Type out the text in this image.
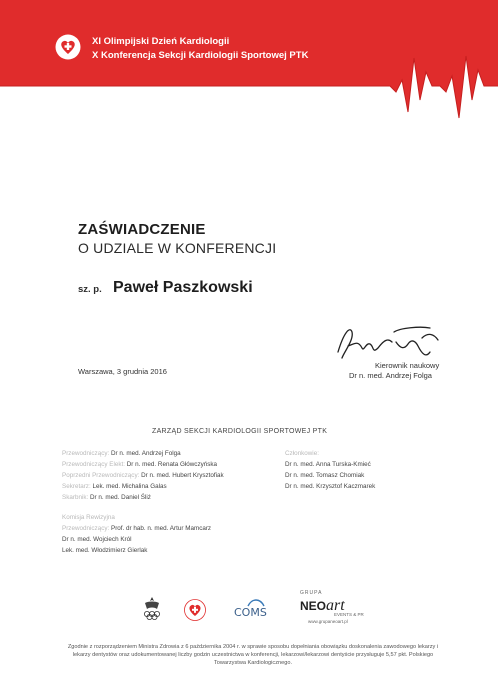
XI Olimpijski Dzień Kardiologii
X Konferencja Sekcji Kardiologii Sportowej PTK
ZAŚWIADCZENIE
O UDZIALE W KONFERENCJI
sz. p. Paweł Paszkowski
Warszawa, 3 grudnia 2016
Kierownik naukowy
Dr n. med. Andrzej Folga
ZARZĄD SEKCJI KARDIOLOGII SPORTOWEJ PTK
Przewodniczący: Dr n. med. Andrzej Folga
Przewodniczący Elekt: Dr n. med. Renata Główczyńska
Poprzedni Przewodniczący: Dr n. med. Hubert Krysztofiak
Sekretarz: Lek. med. Michalina Galas
Skarbnik: Dr n. med. Daniel Śliż
Członkowie:
Dr n. med. Anna Turska-Kmieć
Dr n. med. Tomasz Chomiak
Dr n. med. Krzysztof Kaczmarek
Komisja Rewizyjna
Przewodniczący: Prof. dr hab. n. med. Artur Mamcarz
Dr n. med. Wojciech Król
Lek. med. Włodzimierz Gierlak
COMS
GRUPA
NEOart
EVENTS & PR
www.grupaneoart.pl
Zgodnie z rozporządzeniem Ministra Zdrowia z 6 października 2004 r. w sprawie sposobu dopełniania obowiązku doskonalenia zawodowego lekarzy i lekarzy dentystów oraz udokumentowanej liczby godzin uczestnictwa w konferencji, lekarzowi/lekarzowi dentyście przysługuje 5,57 pkt. Polskiego Towarzystwa Kardiologicznego.
